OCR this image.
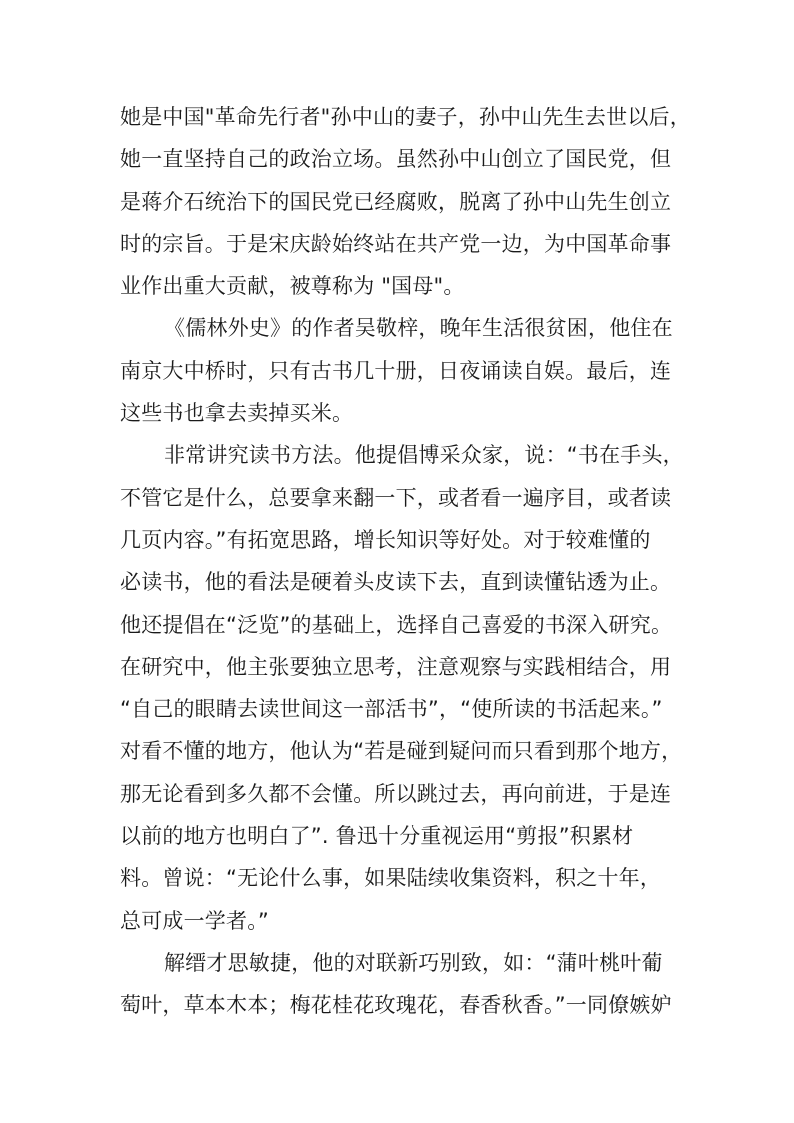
她是中国"革命先行者"孙中山的妻子，孙中山先生去世以后，
她一直坚持自己的政治立场。虽然孙中山创立了国民党，但
是蒋介石统治下的国民党已经腐败，脱离了孙中山先生创立
时的宗旨。于是宋庆龄始终站在共产党一边，为中国革命事
业作出重大贡献，被尊称为 "国母"。
《儒林外史》的作者吴敬梓，晚年生活很贫困，他住在
南京大中桥时，只有古书几十册，日夜诵读自娱。最后，连
这些书也拿去卖掉买米。
非常讲究读书方法。他提倡博采众家，说：“书在手头，
不管它是什么，总要拿来翻一下，或者看一遍序目，或者读
几页内容。”有拓宽思路，增长知识等好处。对于较难懂的
必读书，他的看法是硬着头皮读下去，直到读懂钻透为止。
他还提倡在“泛览”的基础上，选择自己喜爱的书深入研究。
在研究中，他主张要独立思考，注意观察与实践相结合，用
“自己的眼睛去读世间这一部活书”，“使所读的书活起来。”
对看不懂的地方，他认为“若是碰到疑问而只看到那个地方，
那无论看到多久都不会懂。所以跳过去，再向前进，于是连
以前的地方也明白了”. 鲁迅十分重视运用“剪报”积累材
料。曾说：“无论什么事，如果陆续收集资料，积之十年，
总可成一学者。”
解缙才思敏捷，他的对联新巧别致，如：“蒲叶桃叶葡
萄叶，草本木本；梅花桂花玫瑰花，春香秋香。”一同僚嫉妒
